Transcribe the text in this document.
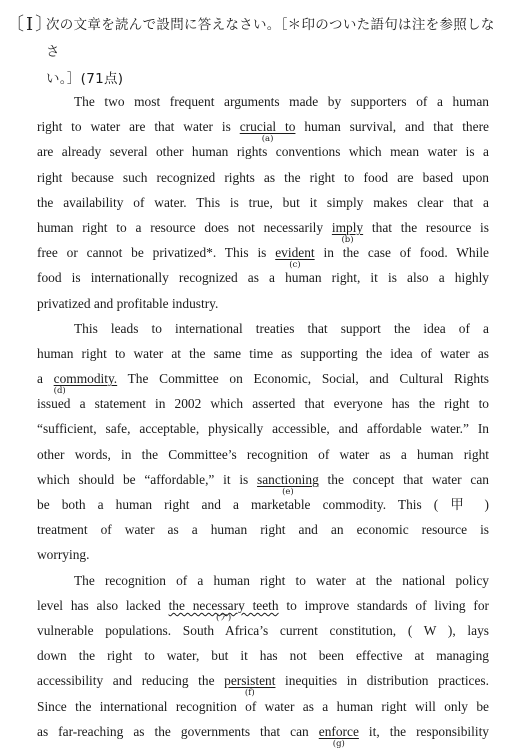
〔Ⅰ〕
次の文章を読んで設問に答えなさい。［＊印のついた語句は注を参照しなさ
い。］(71点)
The two most frequent arguments made by supporters of a human
right to water are that water is crucial to
(a)
human survival, and that there
are already several other human rights conventions which mean water is a
right because such recognized rights as the right to food are based upon
the availability of water. This is true, but it simply makes clear that a
human right to a resource does not necessarily imply
(b)
that the resource is
free or cannot be privatized*. This is evident
(c)
in the case of food. While
food is internationally recognized as a human right, it is also a highly
privatized and profitable industry.
This leads to international treaties that support the idea of a
human right to water at the same time as supporting the idea of water as
a commodity.
(d)
The Committee on Economic, Social, and Cultural Rights
issued a statement in 2002 which asserted that everyone has the right to
“sufficient, safe, acceptable, physically accessible, and affordable water.” In
other words, in the Committee’s recognition of water as a human right
which should be “affordable,” it is sanctioning
(e)
the concept that water can
be both a human right and a marketable commodity. This ( 甲 )
treatment of water as a human right and an economic resource is
worrying.
The recognition of a human right to water at the national policy
level has also lacked the necessary teeth
(ア)
to improve standards of living for
vulnerable populations. South Africa’s current constitution, ( W ), lays
down the right to water, but it has not been effective at managing
accessibility and reducing the persistent
(f)
inequities in distribution practices.
Since the international recognition of water as a human right will only be
as far-reaching as the governments that can enforce
(g)
it, the responsibility
